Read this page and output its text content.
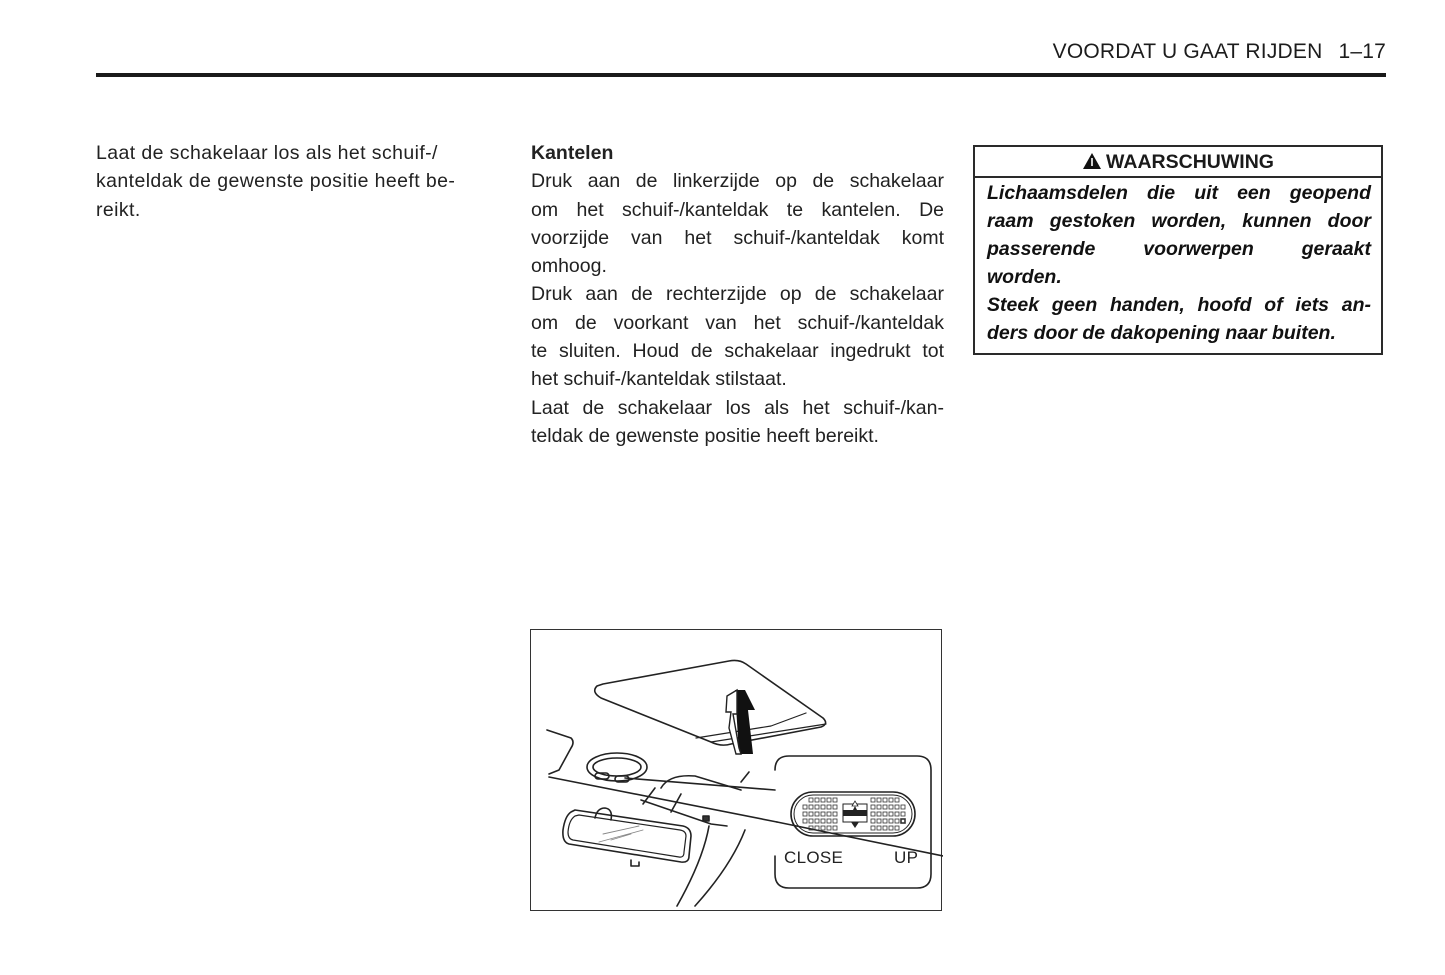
VOORDAT U GAAT RIJDEN 1–17

Laat de schakelaar los als het schuif-/
kanteldak de gewenste positie heeft be-
reikt.

Kantelen

Druk aan de linkerzijde op de schakelaar
om het schuif-/kanteldak te kantelen. De
voorzijde van het schuif-/kanteldak komt
omhoog.

Druk aan de rechterzijde op de schakelaar
om de voorkant van het schuif-/kanteldak
te sluiten. Houd de schakelaar ingedrukt tot
het schuif-/kanteldak stilstaat.

Laat de schakelaar los als het schuif-/kan-
teldak de gewenste positie heeft bereikt.

WAARSCHUWING
Lichaamsdelen die uit een geopend
raam gestoken worden, kunnen door
passerende voorwerpen geraakt
worden.
Steek geen handen, hoofd of iets an-
ders door de dakopening naar buiten.
CLOSE	UP
